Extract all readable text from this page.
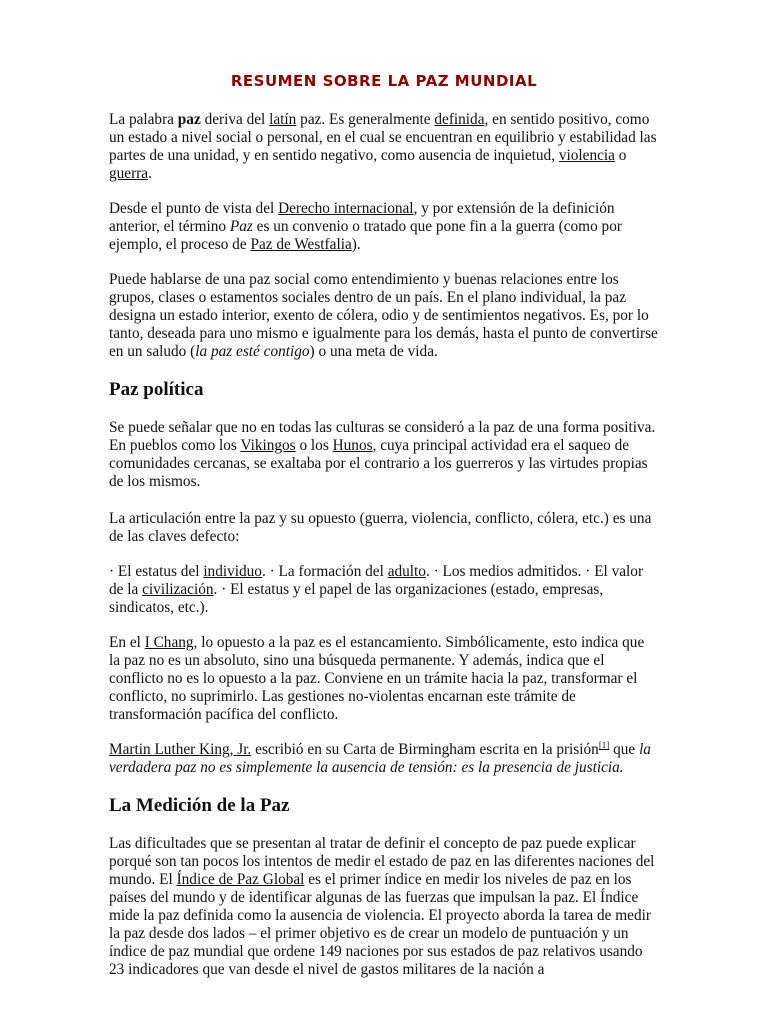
RESUMEN SOBRE LA PAZ MUNDIAL

La palabra paz deriva del latín paz. Es generalmente definida, en sentido positivo, como un estado a nivel social o personal, en el cual se encuentran en equilibrio y estabilidad las partes de una unidad, y en sentido negativo, como ausencia de inquietud, violencia o guerra.

Desde el punto de vista del Derecho internacional, y por extensión de la definición anterior, el término Paz es un convenio o tratado que pone fin a la guerra (como por ejemplo, el proceso de Paz de Westfalia).

Puede hablarse de una paz social como entendimiento y buenas relaciones entre los grupos, clases o estamentos sociales dentro de un país. En el plano individual, la paz designa un estado interior, exento de cólera, odio y de sentimientos negativos. Es, por lo tanto, deseada para uno mismo e igualmente para los demás, hasta el punto de convertirse en un saludo (la paz esté contigo) o una meta de vida.

Paz política

Se puede señalar que no en todas las culturas se consideró a la paz de una forma positiva. En pueblos como los Vikingos o los Hunos, cuya principal actividad era el saqueo de comunidades cercanas, se exaltaba por el contrario a los guerreros y las virtudes propias de los mismos.

La articulación entre la paz y su opuesto (guerra, violencia, conflicto, cólera, etc.) es una de las claves defecto:

· El estatus del individuo. · La formación del adulto. · Los medios admitidos. · El valor de la civilización. · El estatus y el papel de las organizaciones (estado, empresas, sindicatos, etc.).

En el I Chang, lo opuesto a la paz es el estancamiento. Simbólicamente, esto indica que la paz no es un absoluto, sino una búsqueda permanente. Y además, indica que el conflicto no es lo opuesto a la paz. Conviene en un trámite hacia la paz, transformar el conflicto, no suprimirlo. Las gestiones no-violentas encarnan este trámite de transformación pacífica del conflicto.

Martin Luther King, Jr. escribió en su Carta de Birmingham escrita en la prisión[1] que la verdadera paz no es simplemente la ausencia de tensión: es la presencia de justicia.

La Medición de la Paz

Las dificultades que se presentan al tratar de definir el concepto de paz puede explicar porqué son tan pocos los intentos de medir el estado de paz en las diferentes naciones del mundo. El Índice de Paz Global es el primer índice en medir los niveles de paz en los países del mundo y de identificar algunas de las fuerzas que impulsan la paz. El Índice mide la paz definida como la ausencia de violencia. El proyecto aborda la tarea de medir la paz desde dos lados – el primer objetivo es de crear un modelo de puntuación y un índice de paz mundial que ordene 149 naciones por sus estados de paz relativos usando 23 indicadores que van desde el nivel de gastos militares de la nación a
